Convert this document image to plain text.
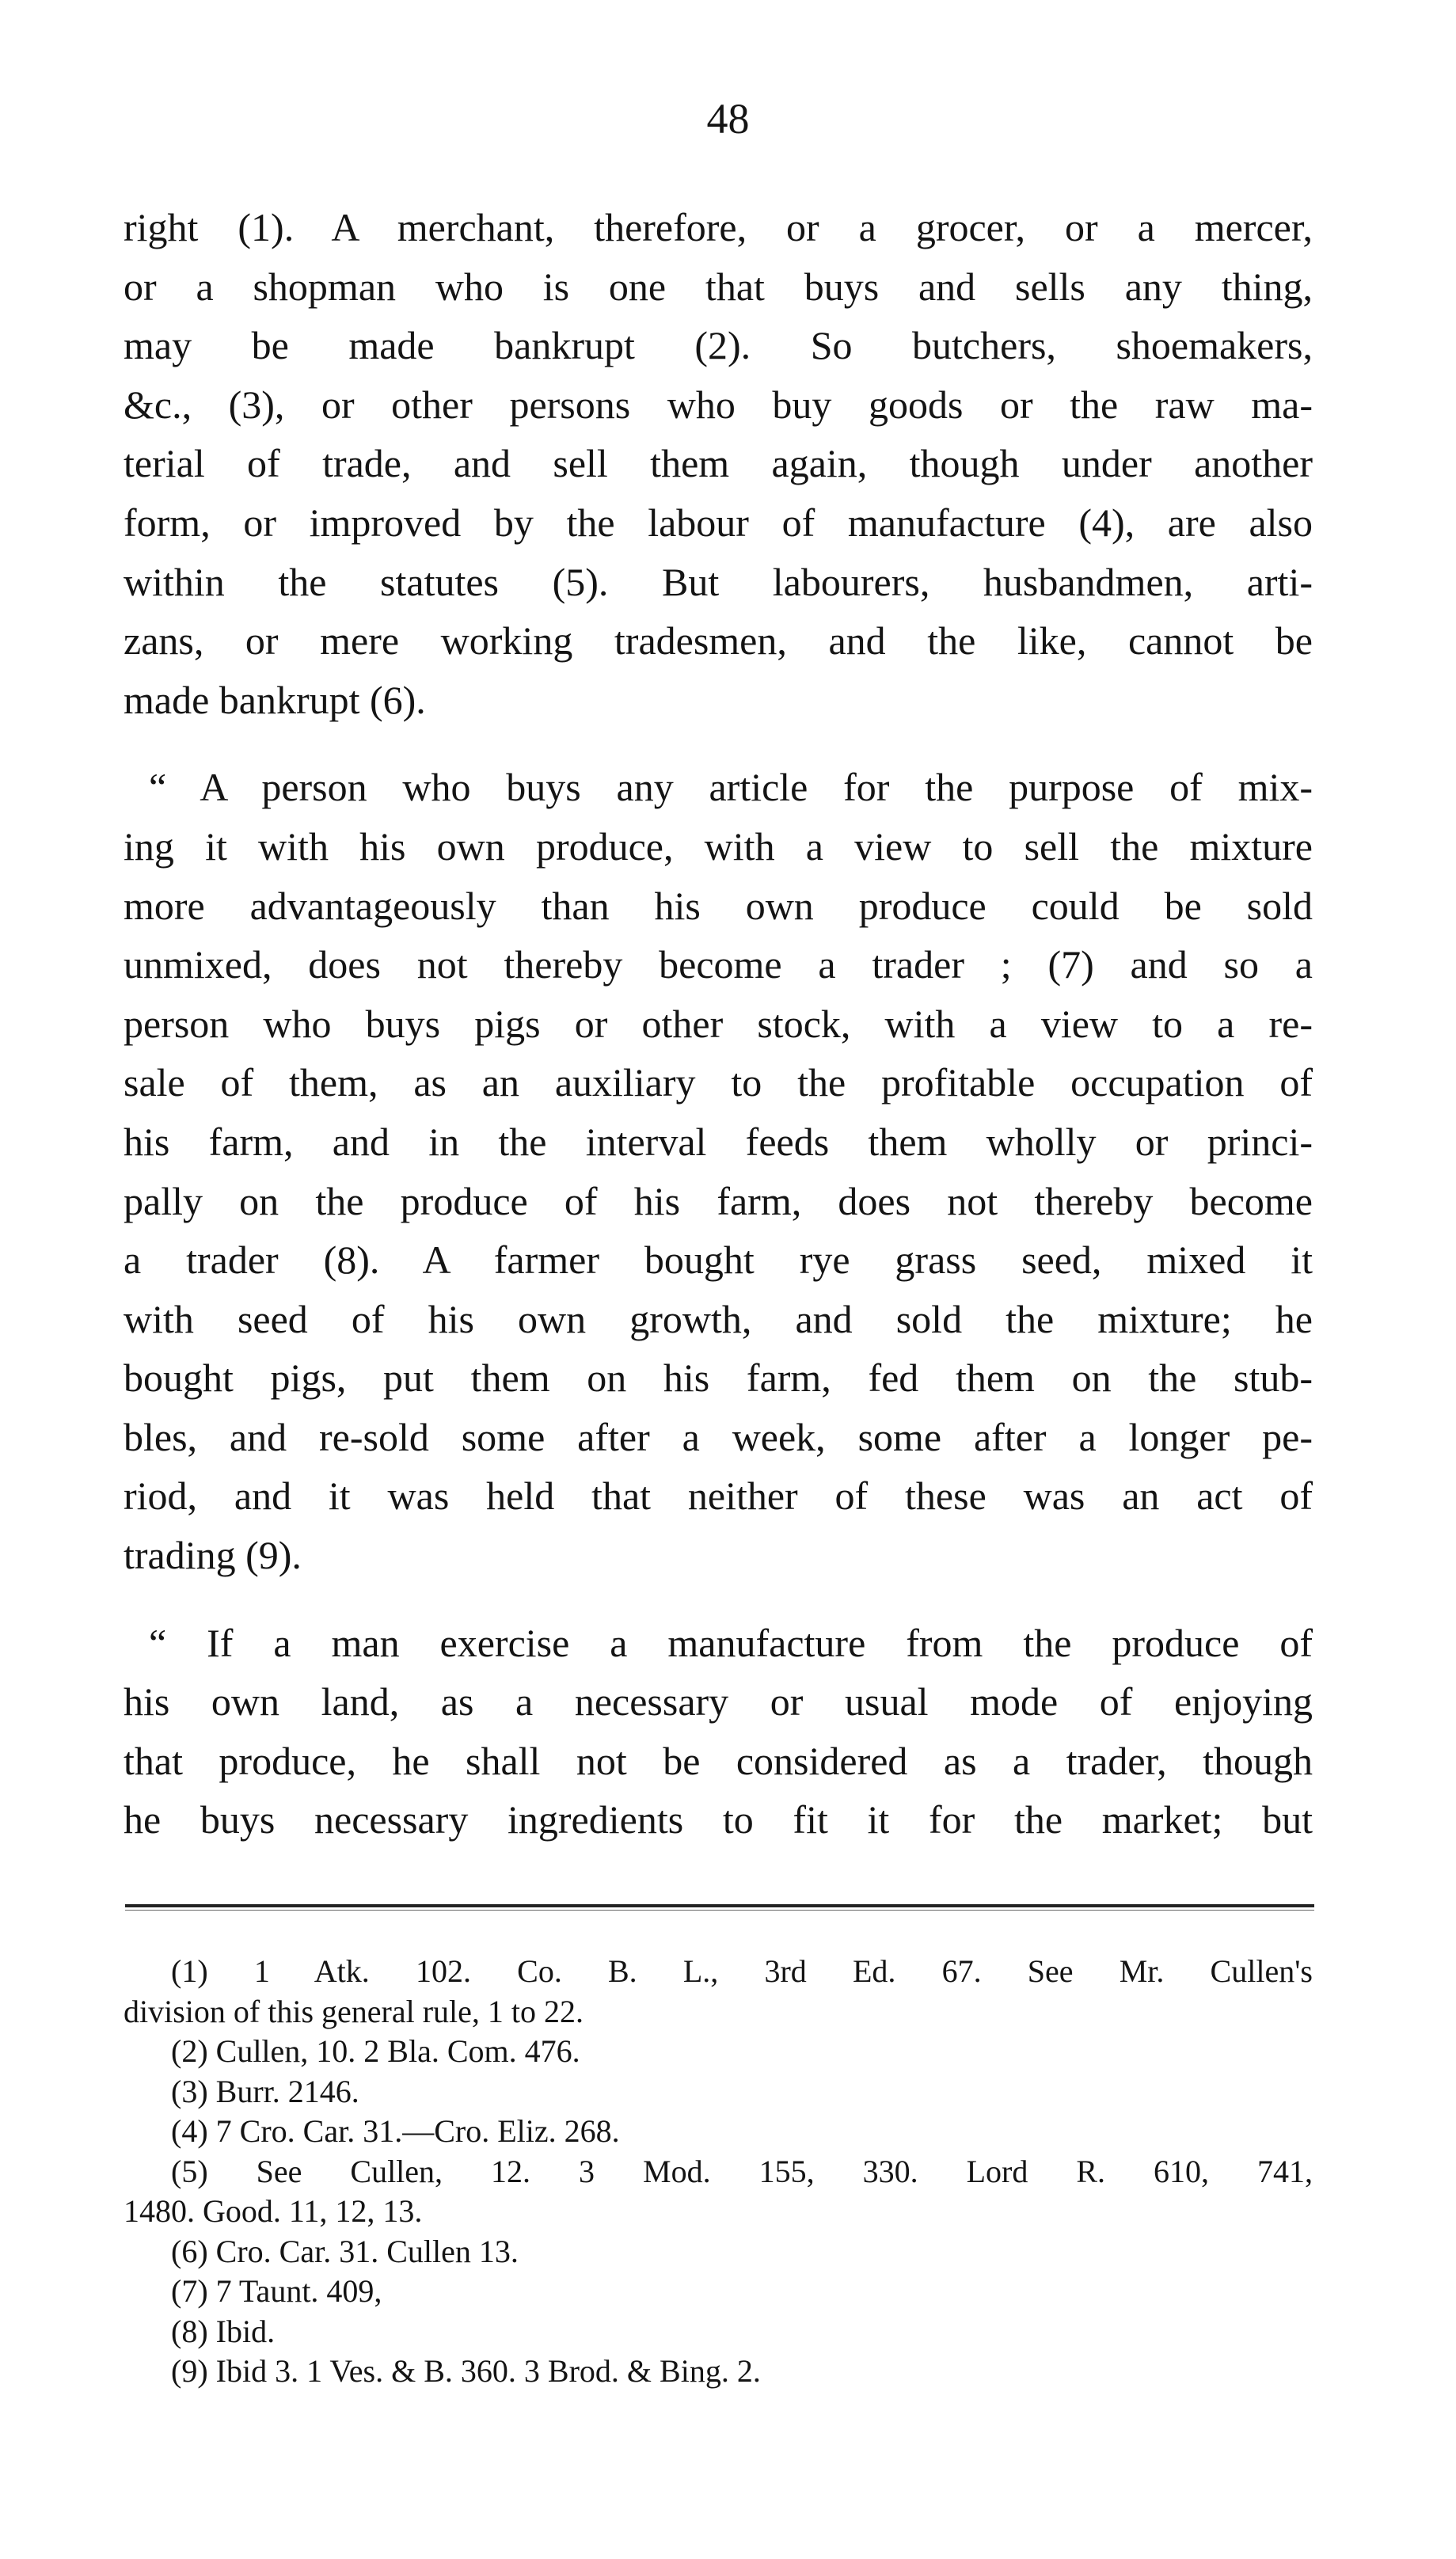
48

right (1). A merchant, therefore, or a grocer, or a mercer,
or a shopman who is one that buys and sells any thing,
may be made bankrupt (2). So butchers, shoemakers,
&c., (3), or other persons who buy goods or the raw ma-
terial of trade, and sell them again, though under another
form, or improved by the labour of manufacture (4), are also
within the statutes (5). But labourers, husbandmen, arti-
zans, or mere working tradesmen, and the like, cannot be
made bankrupt (6).

“ A person who buys any article for the purpose of mix-
ing it with his own produce, with a view to sell the mixture
more advantageously than his own produce could be sold
unmixed, does not thereby become a trader ; (7) and so a
person who buys pigs or other stock, with a view to a re-
sale of them, as an auxiliary to the profitable occupation of
his farm, and in the interval feeds them wholly or princi-
pally on the produce of his farm, does not thereby become
a trader (8). A farmer bought rye grass seed, mixed it
with seed of his own growth, and sold the mixture; he
bought pigs, put them on his farm, fed them on the stub-
bles, and re-sold some after a week, some after a longer pe-
riod, and it was held that neither of these was an act of
trading (9).

“ If a man exercise a manufacture from the produce of
his own land, as a necessary or usual mode of enjoying
that produce, he shall not be considered as a trader, though
he buys necessary ingredients to fit it for the market; but

(1) 1 Atk. 102. Co. B. L., 3rd Ed. 67. See Mr. Cullen's
division of this general rule, 1 to 22.
(2) Cullen, 10. 2 Bla. Com. 476.
(3) Burr. 2146.
(4) 7 Cro. Car. 31.—Cro. Eliz. 268.
(5) See Cullen, 12. 3 Mod. 155, 330. Lord R. 610, 741,
1480. Good. 11, 12, 13.
(6) Cro. Car. 31. Cullen 13.
(7) 7 Taunt. 409,
(8) Ibid.
(9) Ibid 3. 1 Ves. & B. 360. 3 Brod. & Bing. 2.
